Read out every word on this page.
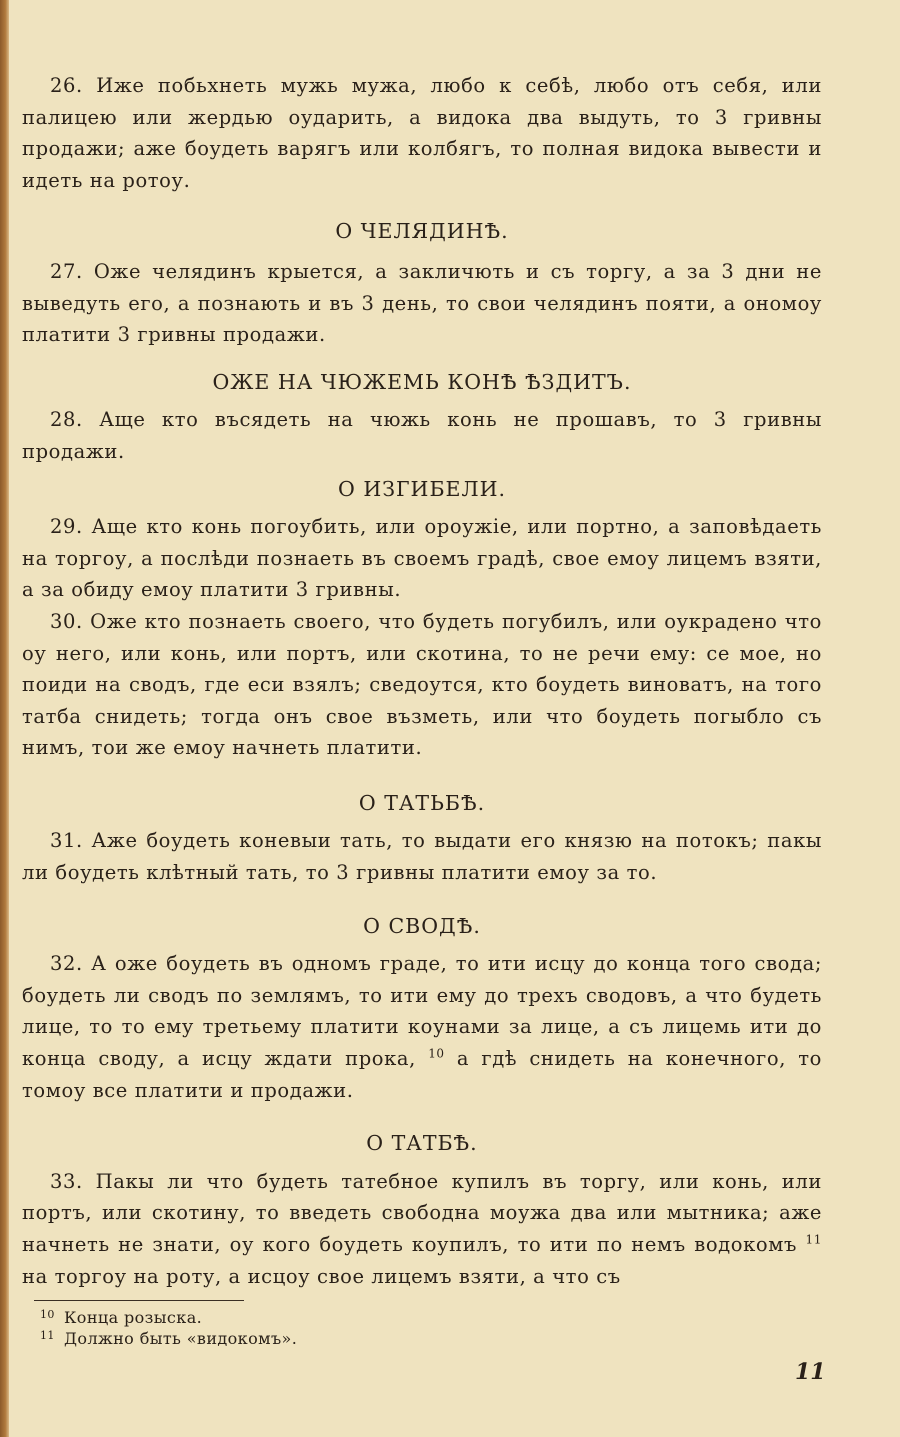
26. Иже побьхнеть мужь мужа, любо к себѣ, любо отъ себя, или палицею или жердью оударить, а видока два выдуть, то 3 гривны продажи; аже боудеть варягъ или колбягъ, то полная видока вывести и идеть на ротоу.

О ЧЕЛЯДИНѢ.

27. Оже челядинъ крыется, а закличють и съ торгу, а за 3 дни не выведуть его, а познають и въ 3 день, то свои челядинъ пояти, а ономоу платити 3 гривны продажи.

ОЖЕ НА ЧЮЖЕМЬ КОНѢ ѢЗДИТЪ.

28. Аще кто въсядеть на чюжь конь не прошавъ, то 3 гривны продажи.

О ИЗГИБЕЛИ.

29. Аще кто конь погоубить, или ороужіе, или портно, а заповѣдаеть на торгоу, а послѣди познаеть въ своемъ градѣ, свое емоу лицемъ взяти, а за обиду емоу платити 3 гривны.

30. Оже кто познаеть своего, что будеть погубилъ, или оукрадено что оу него, или конь, или портъ, или скотина, то не речи ему: се мое, но поиди на сводъ, где еси взялъ; сведоутся, кто боудеть виноватъ, на того татба снидеть; тогда онъ свое възметь, или что боудеть погыбло съ нимъ, тои же емоу начнеть платити.

О ТАТЬБѢ.

31. Аже боудеть коневыи тать, то выдати его князю на потокъ; пакы ли боудеть клѣтный тать, то 3 гривны платити емоу за то.

О СВОДѢ.

32. А оже боудеть въ одномъ граде, то ити исцу до конца того свода; боудеть ли сводъ по землямъ, то ити ему до трехъ сводовъ, а что будеть лице, то то ему третьему платити коунами за лице, а съ лицемь ити до конца своду, а исцу ждати прока, $^{10}$ а гдѣ снидеть на конечного, то томоу все платити и продажи.

О ТАТБѢ.

33. Пакы ли что будеть татебное купилъ въ торгу, или конь, или портъ, или скотину, то введеть свободна моужа два или мытника; аже начнеть не знати, оу кого боудеть коупилъ, то ити по немъ водокомъ $^{11}$ на торгоу на роту, а исцоу свое лицемъ взяти, а что съ

10 Конца розыска.

11 Должно быть «видокомъ».

11
